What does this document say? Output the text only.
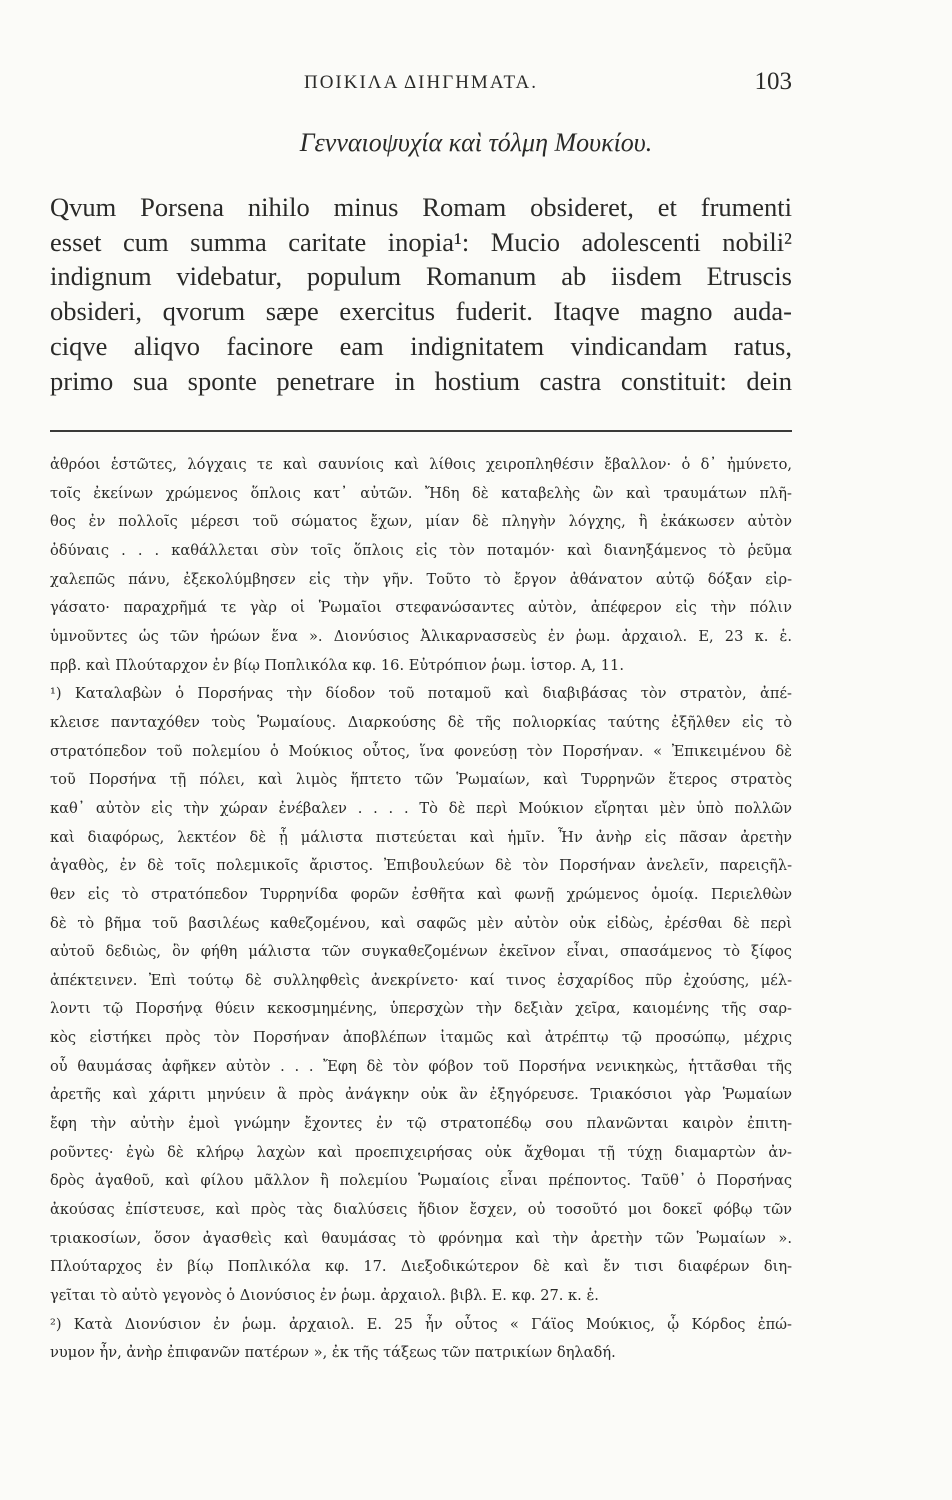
ΠΟΙΚΙΛΑ ΔΙΗΓΗΜΑΤΑ.	103
Γενναιοψυχία καὶ τόλμη Μουκίου.
Qvum Porsena nihilo minus Romam obsideret, et frumenti
esset cum summa caritate inopia¹: Mucio adolescenti nobili²
indignum videbatur, populum Romanum ab iisdem Etruscis
obsideri, qvorum sæpe exercitus fuderit. Itaqve magno auda-
ciqve aliqvo facinore eam indignitatem vindicandam ratus,
primo sua sponte penetrare in hostium castra constituit: dein
ἀθρόοι ἑστῶτες, λόγχαις τε καὶ σαυνίοις καὶ λίθοις χειροπληθέσιν ἔβαλλον· ὁ δ᾽ ἠμύνετο,
τοῖς ἐκείνων χρώμενος ὅπλοις κατ᾽ αὐτῶν. Ἤδη δὲ καταβελὴς ὢν καὶ τραυμάτων πλῆ-
θος ἐν πολλοῖς μέρεσι τοῦ σώματος ἔχων, μίαν δὲ πληγὴν λόγχης, ἣ ἐκάκωσεν αὐτὸν
ὀδύναις . . . καθάλλεται σὺν τοῖς ὅπλοις εἰς τὸν ποταμόν· καὶ διανηξάμενος τὸ ῥεῦμα
χαλεπῶς πάνυ, ἐξεκολύμβησεν εἰς τὴν γῆν. Τοῦτο τὸ ἔργον ἀθάνατον αὐτῷ δόξαν εἰρ-
γάσατο· παραχρῆμά τε γὰρ οἱ Ῥωμαῖοι στεφανώσαντες αὐτὸν, ἀπέφερον εἰς τὴν πόλιν
ὑμνοῦντες ὡς τῶν ἡρώων ἕνα ». Διονύσιος Ἀλικαρνασσεὺς ἐν ῥωμ. ἀρχαιολ. Ε, 23 κ. ἑ.
πρβ. καὶ Πλούταρχον ἐν βίῳ Ποπλικόλα κφ. 16. Εὐτρόπιον ῥωμ. ἱστορ. Α, 11.
¹) Καταλαβὼν ὁ Πορσήνας τὴν δίοδον τοῦ ποταμοῦ καὶ διαβιβάσας τὸν στρατὸν, ἀπέ-
κλεισε πανταχόθεν τοὺς Ῥωμαίους. Διαρκούσης δὲ τῆς πολιορκίας ταύτης ἐξῆλθεν εἰς τὸ
στρατόπεδον τοῦ πολεμίου ὁ Μούκιος οὗτος, ἵνα φονεύσῃ τὸν Πορσήναν. « Ἐπικειμένου δὲ
τοῦ Πορσήνα τῇ πόλει, καὶ λιμὸς ἥπτετο τῶν Ῥωμαίων, καὶ Τυρρηνῶν ἕτερος στρατὸς
καθ᾽ αὐτὸν εἰς τὴν χώραν ἐνέβαλεν . . . . Τὸ δὲ περὶ Μούκιον εἴρηται μὲν ὑπὸ πολλῶν
καὶ διαφόρως, λεκτέον δὲ ᾗ μάλιστα πιστεύεται καὶ ἡμῖν. Ἦν ἀνὴρ εἰς πᾶσαν ἀρετὴν
ἀγαθὸς, ἐν δὲ τοῖς πολεμικοῖς ἄριστος. Ἐπιβουλεύων δὲ τὸν Πορσήναν ἀνελεῖν, παρειςῆλ-
θεν εἰς τὸ στρατόπεδον Τυρρηνίδα φορῶν ἐσθῆτα καὶ φωνῇ χρώμενος ὁμοίᾳ. Περιελθὼν
δὲ τὸ βῆμα τοῦ βασιλέως καθεζομένου, καὶ σαφῶς μὲν αὐτὸν οὐκ εἰδὼς, ἐρέσθαι δὲ περὶ
αὐτοῦ δεδιὼς, ὃν φήθη μάλιστα τῶν συγκαθεζομένων ἐκεῖνον εἶναι, σπασάμενος τὸ ξίφος
ἀπέκτεινεν. Ἐπὶ τούτῳ δὲ συλληφθεὶς ἀνεκρίνετο· καί τινος ἐσχαρίδος πῦρ ἐχούσης, μέλ-
λοντι τῷ Πορσήνᾳ θύειν κεκοσμημένης, ὑπερσχὼν τὴν δεξιὰν χεῖρα, καιομένης τῆς σαρ-
κὸς εἱστήκει πρὸς τὸν Πορσήναν ἀποβλέπων ἰταμῶς καὶ ἀτρέπτῳ τῷ προσώπῳ, μέχρις
οὗ θαυμάσας ἀφῆκεν αὐτὸν . . . Ἔφη δὲ τὸν φόβον τοῦ Πορσήνα νενικηκὼς, ἡττᾶσθαι τῆς
ἀρετῆς καὶ χάριτι μηνύειν ἃ πρὸς ἀνάγκην οὐκ ἂν ἐξηγόρευσε. Τριακόσιοι γὰρ Ῥωμαίων
ἔφη τὴν αὐτὴν ἐμοὶ γνώμην ἔχοντες ἐν τῷ στρατοπέδῳ σου πλανῶνται καιρὸν ἐπιτη-
ροῦντες· ἐγὼ δὲ κλήρῳ λαχὼν καὶ προεπιχειρήσας οὐκ ἄχθομαι τῇ τύχῃ διαμαρτὼν ἀν-
δρὸς ἀγαθοῦ, καὶ φίλου μᾶλλον ἢ πολεμίου Ῥωμαίοις εἶναι πρέποντος. Ταῦθ᾽ ὁ Πορσήνας
ἀκούσας ἐπίστευσε, καὶ πρὸς τὰς διαλύσεις ἥδιον ἔσχεν, οὐ τοσοῦτό μοι δοκεῖ φόβῳ τῶν
τριακοσίων, ὅσον ἀγασθεὶς καὶ θαυμάσας τὸ φρόνημα καὶ τὴν ἀρετὴν τῶν Ῥωμαίων ».
Πλούταρχος ἐν βίῳ Ποπλικόλα κφ. 17. Διεξοδικώτερον δὲ καὶ ἔν τισι διαφέρων διη-
γεῖται τὸ αὐτὸ γεγονὸς ὁ Διονύσιος ἐν ῥωμ. ἀρχαιολ. βιβλ. Ε. κφ. 27. κ. ἑ.
²) Κατὰ Διονύσιον ἐν ῥωμ. ἀρχαιολ. Ε. 25 ἦν οὗτος « Γάϊος Μούκιος, ᾧ Κόρδος ἐπώ-
νυμον ἦν, ἀνὴρ ἐπιφανῶν πατέρων », ἐκ τῆς τάξεως τῶν πατρικίων δηλαδή.
